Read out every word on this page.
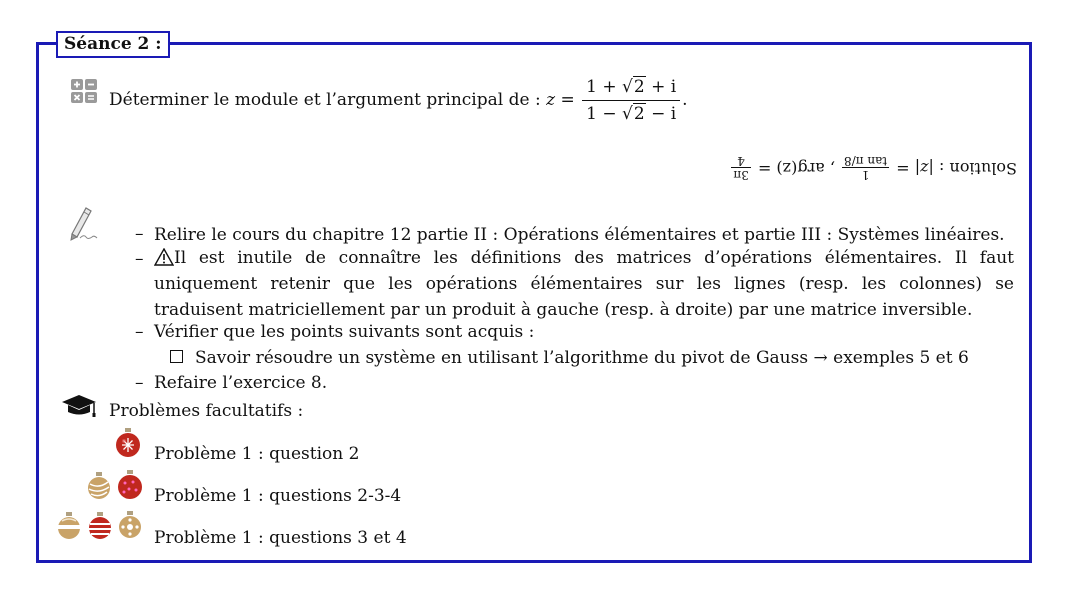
Séance 2 :
Déterminer le module et l’argument principal de : $z = \frac{1 + √2 + i}{1 - √2 - i}$ .
Solution : |z| =
1
tan π/8
, arg(z) =
3π
4
– Relire le cours du chapitre 12 partie II : Opérations élémentaires et partie III : Systèmes linéaires.
–	Il est inutile de connaître les définitions des matrices d’opérations élémentaires. Il faut uniquement retenir que les opérations élémentaires sur les lignes (resp. les colonnes) se traduisent matriciellement par un produit à gauche (resp. à droite) par une matrice inversible.
– Vérifier que les points suivants sont acquis :
Savoir résoudre un système en utilisant l’algorithme du pivot de Gauss → exemples 5 et 6
– Refaire l’exercice 8.
Problèmes facultatifs :
Problème 1 : question 2
Problème 1 : questions 2-3-4
Problème 1 : questions 3 et 4
